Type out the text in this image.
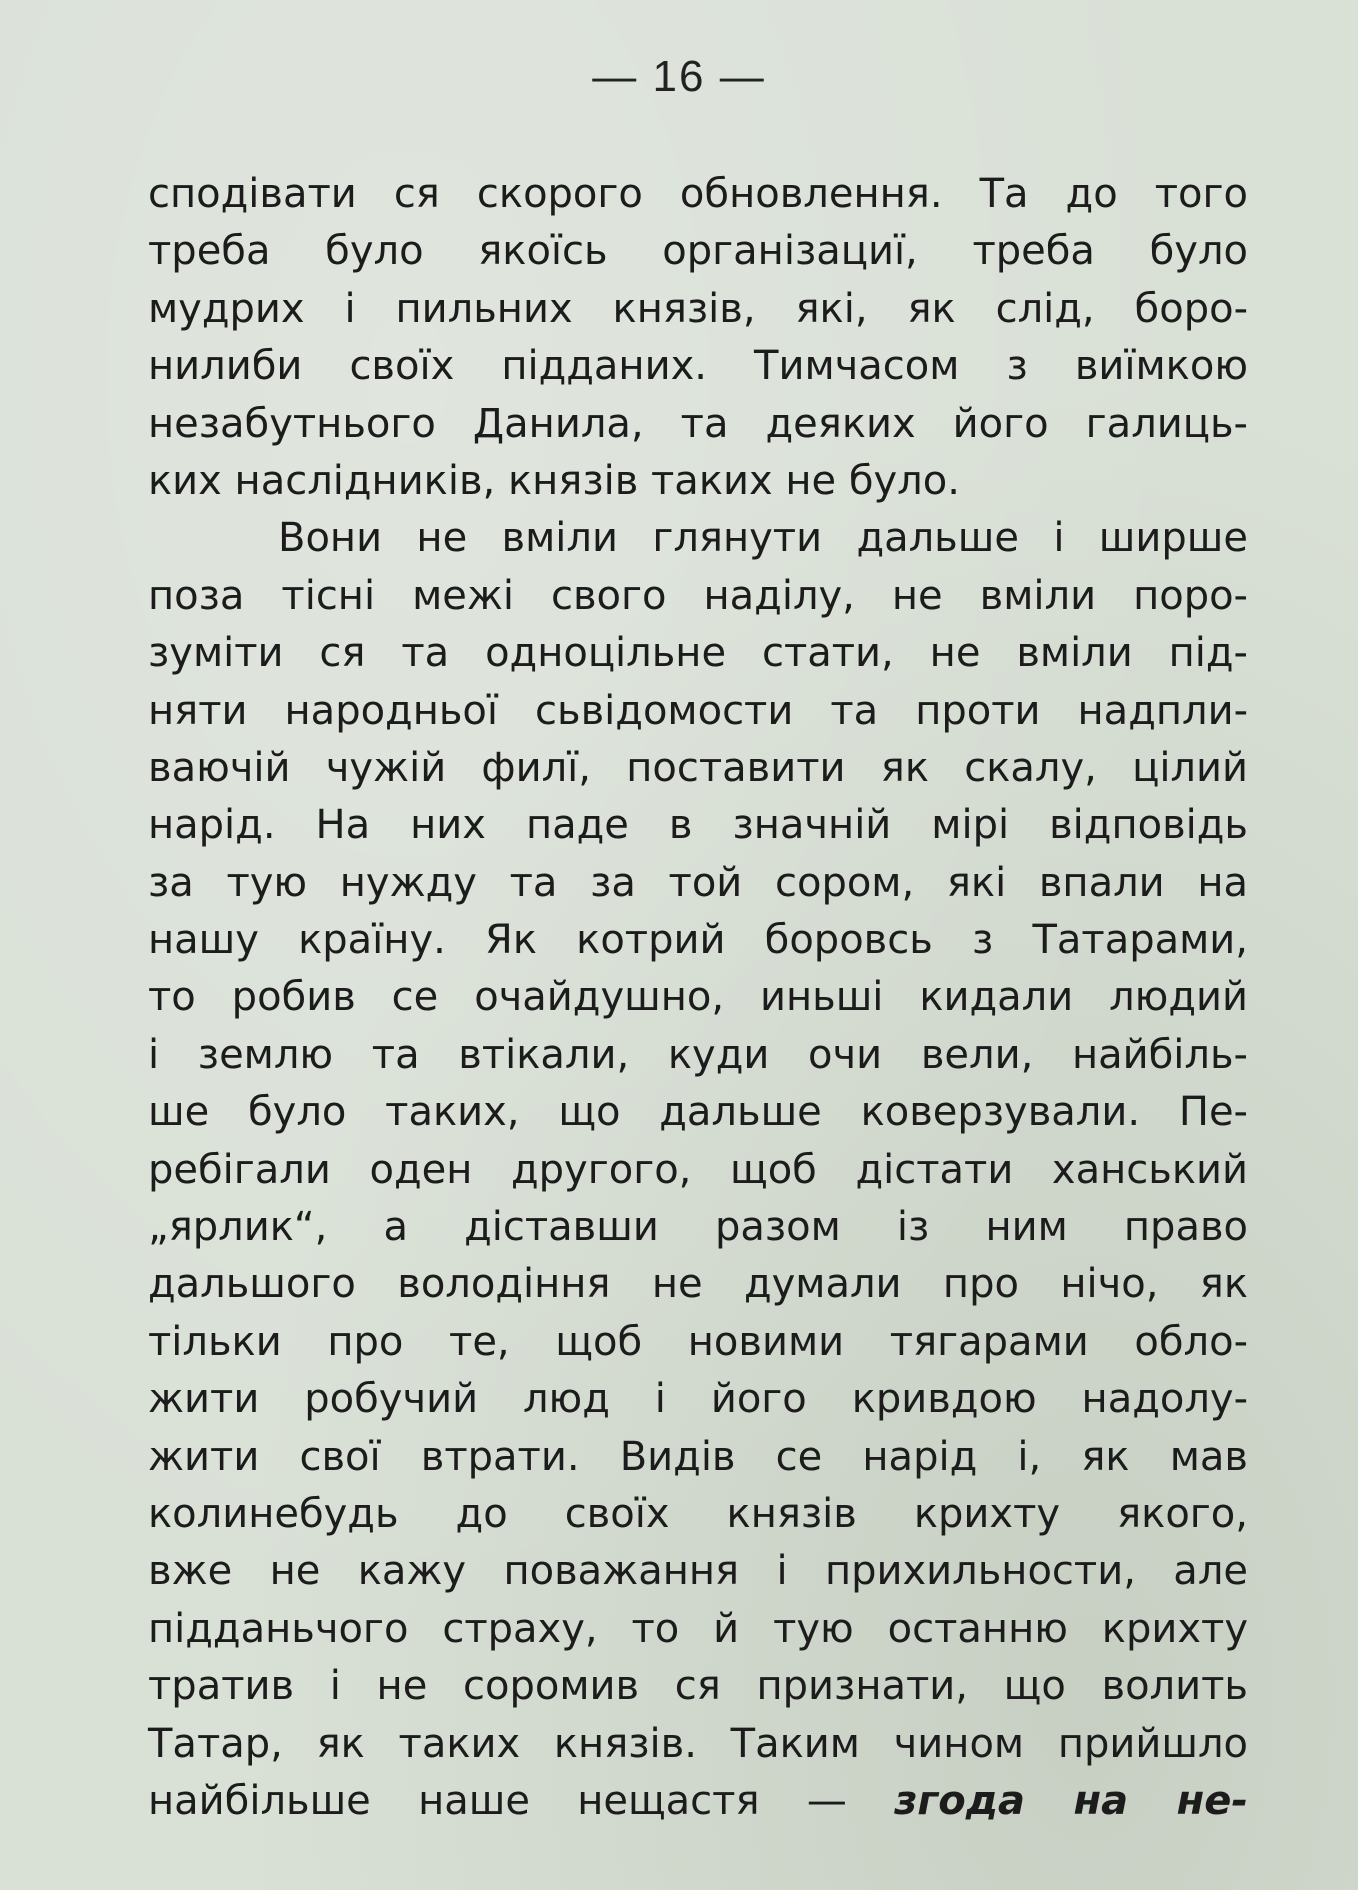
— 16 —
сподівати ся скорого обновлення. Та до того
треба було якоїсь організациї, треба було
мудрих і пильних князів, які, як слід, боро-
нилиби своїх підданих. Тимчасом з виїмкою
незабутнього Данила, та деяких його галиць-
ких наслідників, князів таких не було.
Вони не вміли глянути дальше і ширше
поза тісні межі свого наділу, не вміли поро-
зуміти ся та одноцільне стати, не вміли під-
няти народньої сьвідомости та проти надпли-
ваючій чужій филї, поставити як скалу, цілий
нарід. На них паде в значній мірі відповідь
за тую нужду та за той сором, які впали на
нашу країну. Як котрий боровсь з Татарами,
то робив се очайдушно, иньші кидали людий
і землю та втікали, куди очи вели, найбіль-
ше було таких, що дальше коверзували. Пе-
ребігали оден другого, щоб дістати ханський
„ярлик“, а діставши разом із ним право
дальшого володіння не думали про нічо, як
тільки про те, щоб новими тягарами обло-
жити робучий люд і його кривдою надолу-
жити свої втрати. Видів се нарід і, як мав
колинебудь до своїх князів крихту якого,
вже не кажу поважання і прихильности, але
підданьчого страху, то й тую останню крихту
тратив і не соромив ся признати, що волить
Татар, як таких князів. Таким чином прийшло
найбільше наше нещастя — згода на не-
